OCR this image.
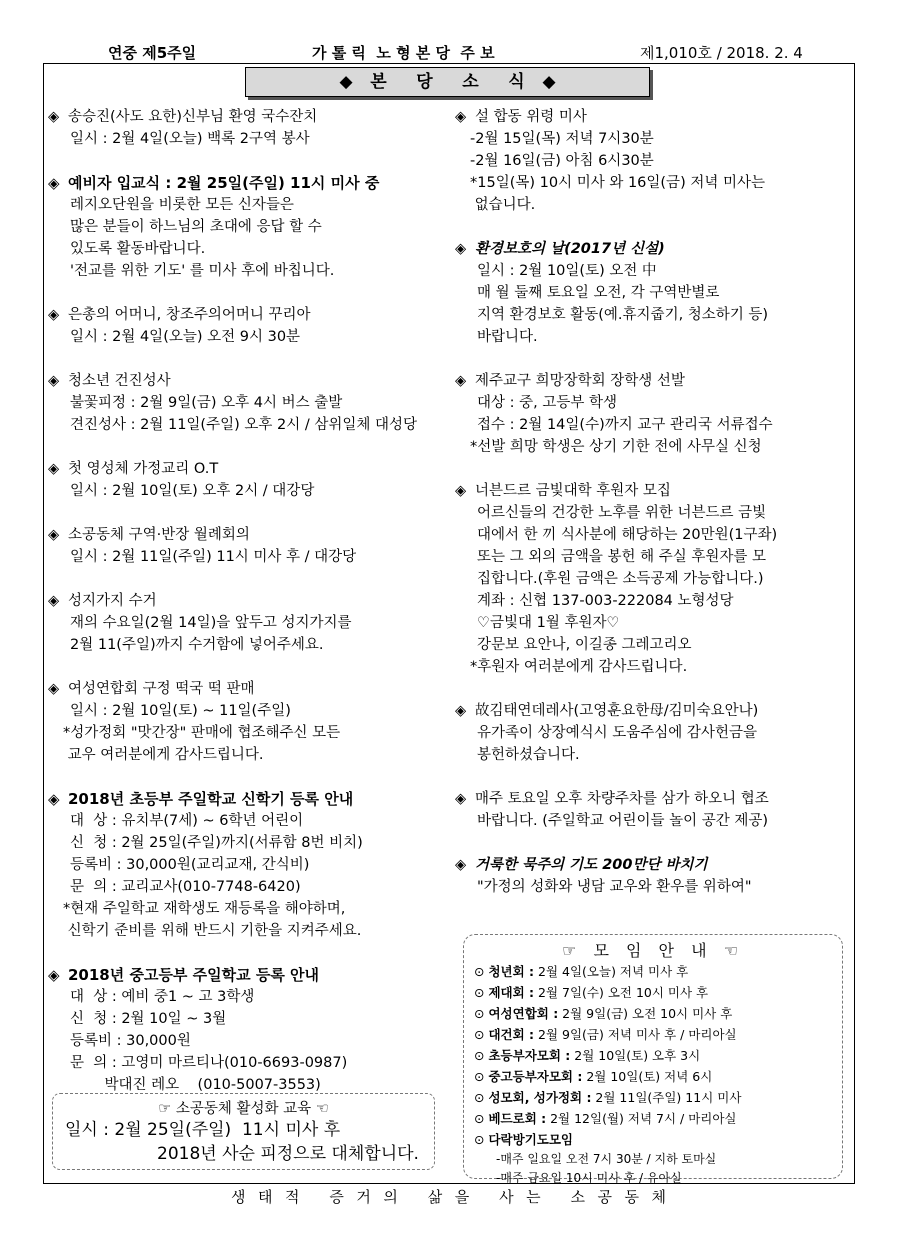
연중 제5주일	가 톨 릭  노 형 본 당  주 보	제1,010호 / 2018. 2. 4
◆   본     당     소     식   ◆
◈ 송승진(사도 요한)신부님 환영 국수잔치
일시 : 2월 4일(오늘) 백록 2구역 봉사
◈ 예비자 입교식 : 2월 25일(주일) 11시 미사 중
레지오단원을 비롯한 모든 신자들은
많은 분들이 하느님의 초대에 응답 할 수
있도록 활동바랍니다.
'전교를 위한 기도' 를 미사 후에 바칩니다.
◈ 은총의 어머니, 창조주의어머니 꾸리아
일시 : 2월 4일(오늘) 오전 9시 30분
◈ 청소년 건진성사
불꽃피정 : 2월 9일(금) 오후 4시 버스 출발
견진성사 : 2월 11일(주일) 오후 2시 / 삼위일체 대성당
◈ 첫 영성체 가정교리 O.T
일시 : 2월 10일(토) 오후 2시 / 대강당
◈ 소공동체 구역·반장 월례회의
일시 : 2월 11일(주일) 11시 미사 후 / 대강당
◈ 성지가지 수거
재의 수요일(2월 14일)을 앞두고 성지가지를
2월 11(주일)까지 수거함에 넣어주세요.
◈ 여성연합회 구정 떡국 떡 판매
일시 : 2월 10일(토) ~ 11일(주일)
*성가정회 "맛간장" 판매에 협조해주신 모든
교우 여러분에게 감사드립니다.
◈ 2018년 초등부 주일학교 신학기 등록 안내
대  상 : 유치부(7세) ~ 6학년 어린이
신  청 : 2월 25일(주일)까지(서류함 8번 비치)
등록비 : 30,000원(교리교재, 간식비)
문  의 : 교리교사(010-7748-6420)
*현재 주일학교 재학생도 재등록을 해야하며,
신학기 준비를 위해 반드시 기한을 지켜주세요.
◈ 2018년 중고등부 주일학교 등록 안내
대  상 : 예비 중1 ~ 고 3학생
신  청 : 2월 10일 ~ 3월
등록비 : 30,000원
문  의 : 고영미 마르티나(010-6693-0987)
박대진 레오    (010-5007-3553)
◈ 설 합동 위령 미사
-2월 15일(목) 저녁 7시30분
-2월 16일(금) 아침 6시30분
*15일(목) 10시 미사 와 16일(금) 저녁 미사는
없습니다.
◈ 환경보호의 날(2017년 신설)
일시 : 2월 10일(토) 오전 中
매 월 둘째 토요일 오전, 각 구역반별로
지역 환경보호 활동(예.휴지줍기, 청소하기 등)
바랍니다.
◈ 제주교구 희망장학회 장학생 선발
대상 : 중, 고등부 학생
접수 : 2월 14일(수)까지 교구 관리국 서류접수
*선발 희망 학생은 상기 기한 전에 사무실 신청
◈ 너븐드르 금빛대학 후원자 모집
어르신들의 건강한 노후를 위한 너븐드르 금빛
대에서 한 끼 식사분에 해당하는 20만원(1구좌)
또는 그 외의 금액을 봉헌 해 주실 후원자를 모
집합니다.(후원 금액은 소득공제 가능합니다.)
계좌 : 신협 137-003-222084 노형성당
♡금빛대 1월 후원자♡
강문보 요안나, 이길종 그레고리오
*후원자 여러분에게 감사드립니다.
◈ 故김태연데레사(고영훈요한母/김미숙요안나)
유가족이 상장예식시 도움주심에 감사헌금을
봉헌하셨습니다.
◈ 매주 토요일 오후 차량주차를 삼가 하오니 협조
바랍니다. (주일학교 어린이들 놀이 공간 제공)
◈ 거룩한 묵주의 기도 200만단 바치기
"가정의 성화와 냉담 교우와 환우를 위하여"
☞ 모 임 안 내 ☜
⊙ 청년회 : 2월 4일(오늘) 저녁 미사 후
⊙ 제대회 : 2월 7일(수) 오전 10시 미사 후
⊙ 여성연합회 : 2월 9일(금) 오전 10시 미사 후
⊙ 대건회 : 2월 9일(금) 저녁 미사 후 / 마리아실
⊙ 초등부자모회 : 2월 10일(토) 오후 3시
⊙ 중고등부자모회 : 2월 10일(토) 저녁 6시
⊙ 성모회, 성가정회 : 2월 11일(주일) 11시 미사
⊙ 베드로회 : 2월 12일(월) 저녁 7시 / 마리아실
⊙ 다락방기도모임
-매주 일요일 오전 7시 30분 / 지하 토마실
-매주 금요일 10시 미사 후 / 유아실
☞ 소공동체 활성화 교육 ☜
일시 : 2월 25일(주일)  11시 미사 후
2018년 사순 피정으로 대체합니다.
생  태  적     증  거  의     삶  을     사  는     소  공  동  체
